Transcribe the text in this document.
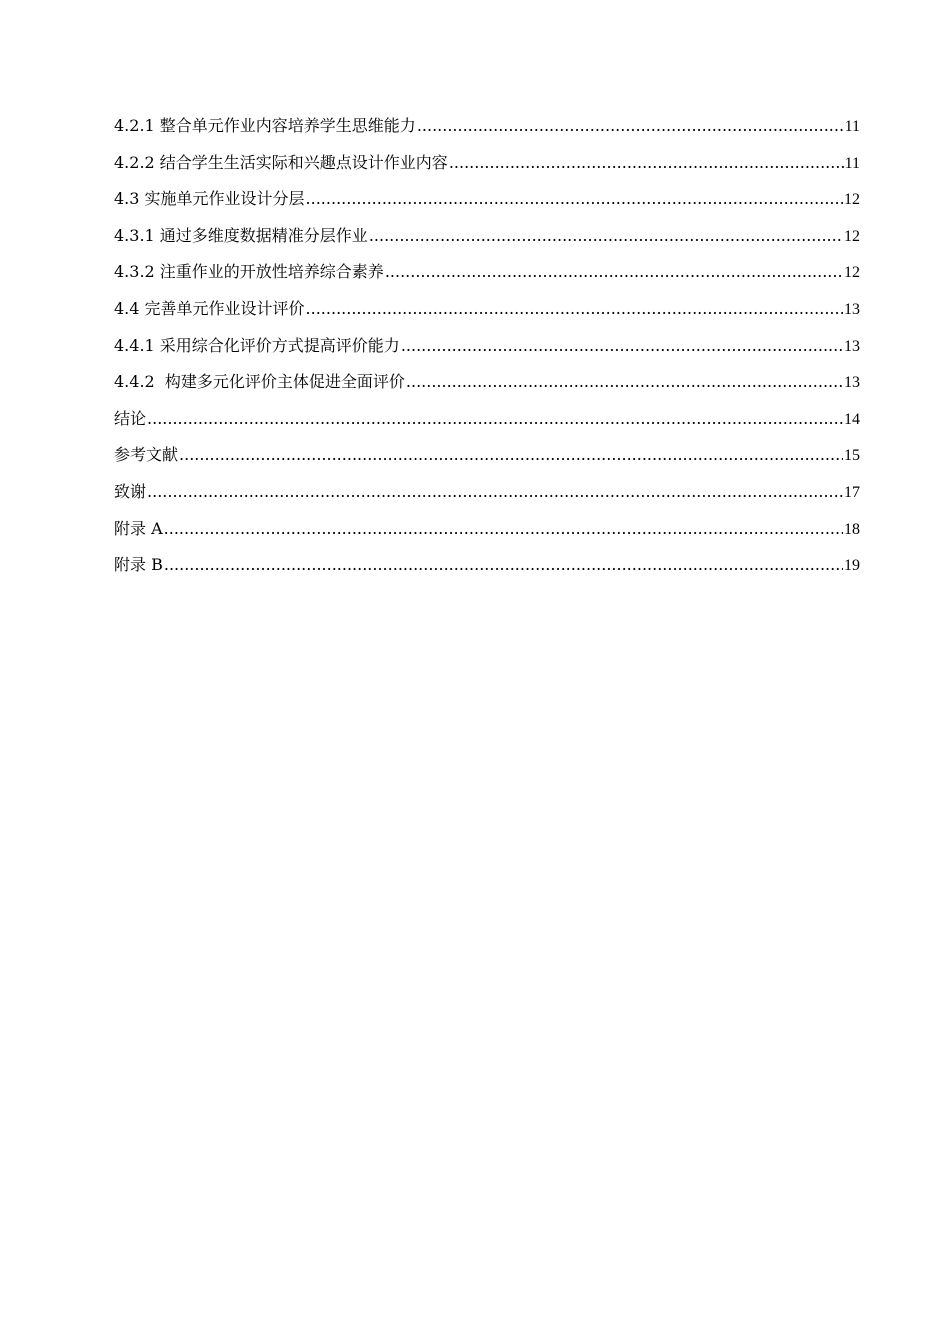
4.2.1 整合单元作业内容培养学生思维能力 .....	11
4.2.2 结合学生生活实际和兴趣点设计作业内容 .....	11
4.3 实施单元作业设计分层 .....	12
4.3.1 通过多维度数据精准分层作业 .....	12
4.3.2 注重作业的开放性培养综合素养 .....	12
4.4 完善单元作业设计评价 .....	13
4.4.1 采用综合化评价方式提高评价能力 .....	13
4.4.2  构建多元化评价主体促进全面评价 .....	13
结论 .....	14
参考文献 .....	15
致谢 .....	17
附录 A .....	18
附录 B .....	19
